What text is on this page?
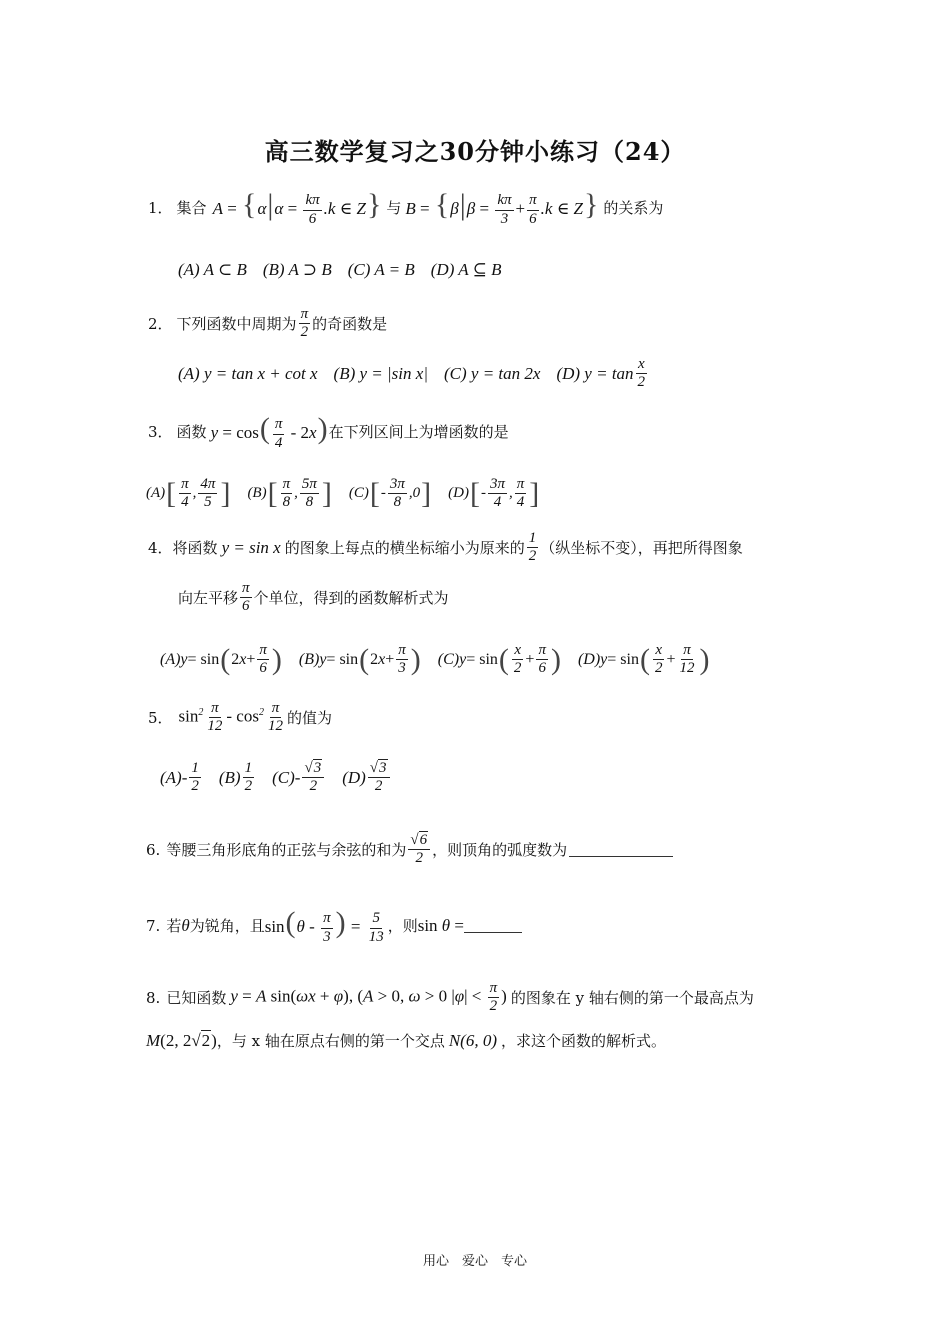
高三数学复习之30分钟小练习（24）
1． 集合 $A = \{\alpha|\alpha = \frac{k\pi}{6} .k$ ∈ Z} 与 $B = \{\beta|\beta = \frac{k\pi}{3} + \frac{\pi}{6} .k$ ∈ Z} 的关系为
(A) A ⊂ B (B) A ⊃ B (C) A = B (D) A ⊆ B
2． 下列函数中周期为 $\frac{\pi}{2}$ 的奇函数是
(A) y = tan x + cot x (B) y = |sin x| (C) y = tan 2x (D) $y = \tan \frac{x}{2}$
3． 函数 $y = \cos( \frac{\pi}{4} - 2x)$ 在下列区间上为增函数的是
(A) [ $\frac{\pi}{4}$ , $\frac{4\pi}{5}$ ] (B) [ $\frac{\pi}{8}$ , $\frac{5\pi}{8}$ ] (C) [ - $\frac{3\pi}{8} ,0$ ] (D) [ - $\frac{3\pi}{4}$ , $\frac{\pi}{4}$ ]
4． 将函数 y = sin x 的图象上每点的横坐标缩小为原来的 $\frac{1}{2}$ （纵坐标不变），再把所得图象
向左平移 $\frac{\pi}{6}$ 个单位，得到的函数解析式为
(A)y = sin ( 2 $x + \frac{\pi}{6}$ ) (B)y = sin ( 2 $x + \frac{\pi}{3}$ ) (C)y = sin ( $\frac{x}{2} + \frac{\pi}{6}$ ) (D)y = sin ( $\frac{x}{2} + \frac{\pi}{12}$ )
5． $\sin^2 \frac{\pi}{12} - \cos^2 \frac{\pi}{12}$ 的值为
$(A) - \frac{1}{2} (B) \frac{1}{2} (C) - \frac{√3}{2} (D) \frac{√3}{2}$
6. 等腰三角形底角的正弦与余弦的和为 $\frac{√6}{2}$ ，则顶角的弧度数为
7. 若 θ 为锐角，且 $\sin(\theta - \frac{\pi}{3}$ ) = $\frac{5}{13}$ ，则 sin θ =
8. 已知函数 y = A sin(ωx + φ), (A > 0, ω > 0 $|\varphi| < \frac{\pi}{2}$ ) 的图象在 y 轴右侧的第一个最高点为
M(2, 2√2) ，与 x 轴在原点右侧的第一个交点 N(6, 0) ，求这个函数的解析式。
用心　爱心　专心
